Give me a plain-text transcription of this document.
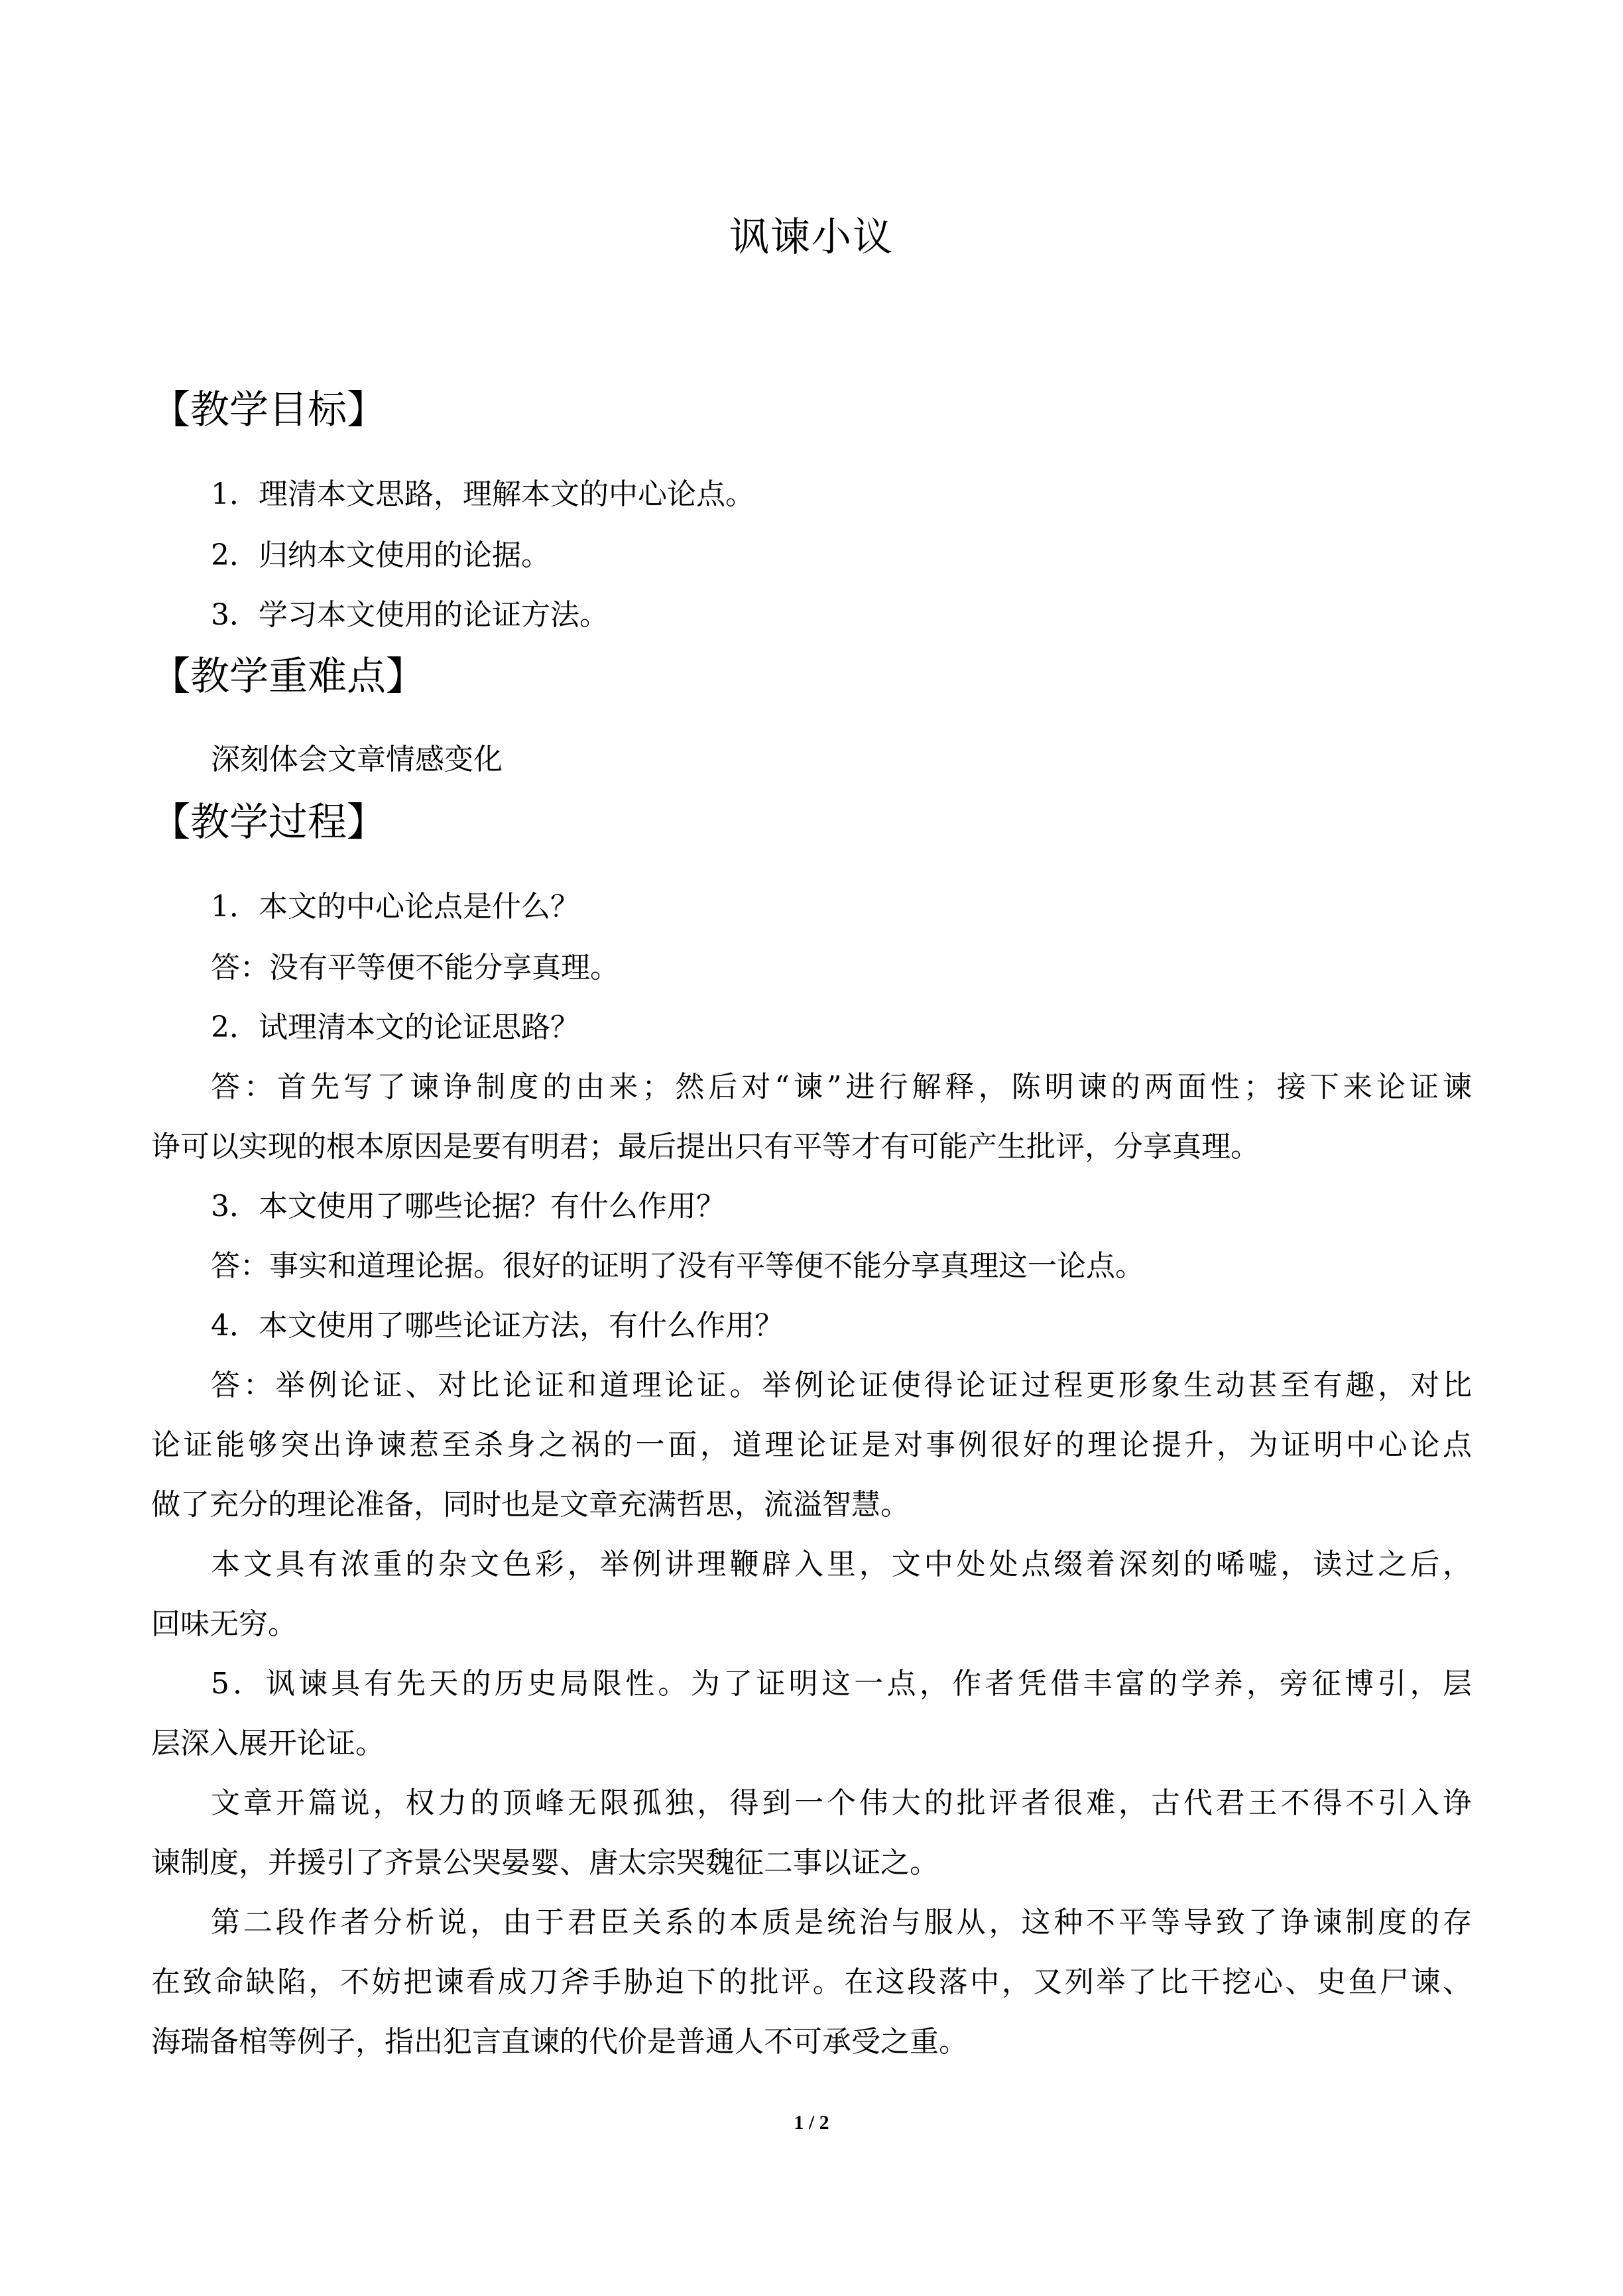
讽谏小议
【教学目标】
1．理清本文思路，理解本文的中心论点。
2．归纳本文使用的论据。
3．学习本文使用的论证方法。
【教学重难点】
深刻体会文章情感变化
【教学过程】
1．本文的中心论点是什么？
答：没有平等便不能分享真理。
2．试理清本文的论证思路？
答：首先写了谏诤制度的由来；然后对“谏”进行解释，陈明谏的两面性；接下来论证谏
诤可以实现的根本原因是要有明君；最后提出只有平等才有可能产生批评，分享真理。
3．本文使用了哪些论据？有什么作用？
答：事实和道理论据。很好的证明了没有平等便不能分享真理这一论点。
4．本文使用了哪些论证方法，有什么作用？
答：举例论证、对比论证和道理论证。举例论证使得论证过程更形象生动甚至有趣，对比
论证能够突出诤谏惹至杀身之祸的一面，道理论证是对事例很好的理论提升，为证明中心论点
做了充分的理论准备，同时也是文章充满哲思，流溢智慧。
本文具有浓重的杂文色彩，举例讲理鞭辟入里，文中处处点缀着深刻的唏嘘，读过之后，
回味无穷。
5．讽谏具有先天的历史局限性。为了证明这一点，作者凭借丰富的学养，旁征博引，层
层深入展开论证。
文章开篇说，权力的顶峰无限孤独，得到一个伟大的批评者很难，古代君王不得不引入诤
谏制度，并援引了齐景公哭晏婴、唐太宗哭魏征二事以证之。
第二段作者分析说，由于君臣关系的本质是统治与服从，这种不平等导致了诤谏制度的存
在致命缺陷，不妨把谏看成刀斧手胁迫下的批评。在这段落中，又列举了比干挖心、史鱼尸谏、
海瑞备棺等例子，指出犯言直谏的代价是普通人不可承受之重。
1 / 2
